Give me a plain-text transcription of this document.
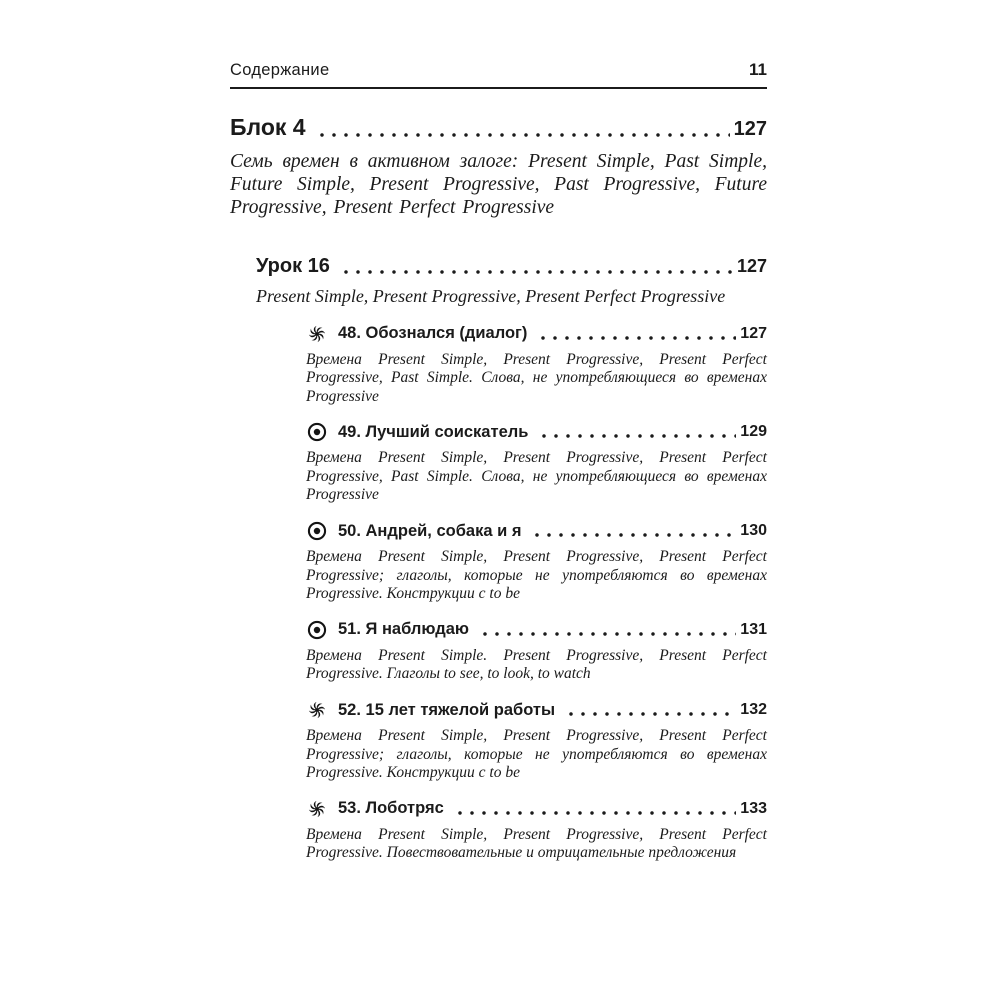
Содержание	11
Блок 4	127

Семь времен в активном залоге: Present Simple, Past Simple, Future Simple, Present Progressive, Past Progressive, Future Progressive, Present Perfect Progressive

Урок 16	127

Present Simple, Present Progressive, Present Perfect Progressive

48. Обознался (диалог)	127

Времена Present Simple, Present Progressive, Present Perfect Progressive, Past Simple. Слова, не употребляющиеся во временах Progressive

49. Лучший соискатель	129

Времена Present Simple, Present Progressive, Present Perfect Progressive, Past Simple. Слова, не употребляющиеся во временах Progressive

50. Андрей, собака и я	130

Времена Present Simple, Present Progressive, Present Perfect Progressive; глаголы, которые не употребляются во временах Progressive. Конструкции с to be

51. Я наблюдаю	131

Времена Present Simple. Present Progressive, Present Perfect Progressive. Глаголы to see, to look, to watch

52. 15 лет тяжелой работы	132

Времена Present Simple, Present Progressive, Present Perfect Progressive; глаголы, которые не употребляются во временах Progressive. Конструкции с to be

53. Лоботряс	133

Времена Present Simple, Present Progressive, Present Perfect Progressive. Повествовательные и отрицательные предложения
